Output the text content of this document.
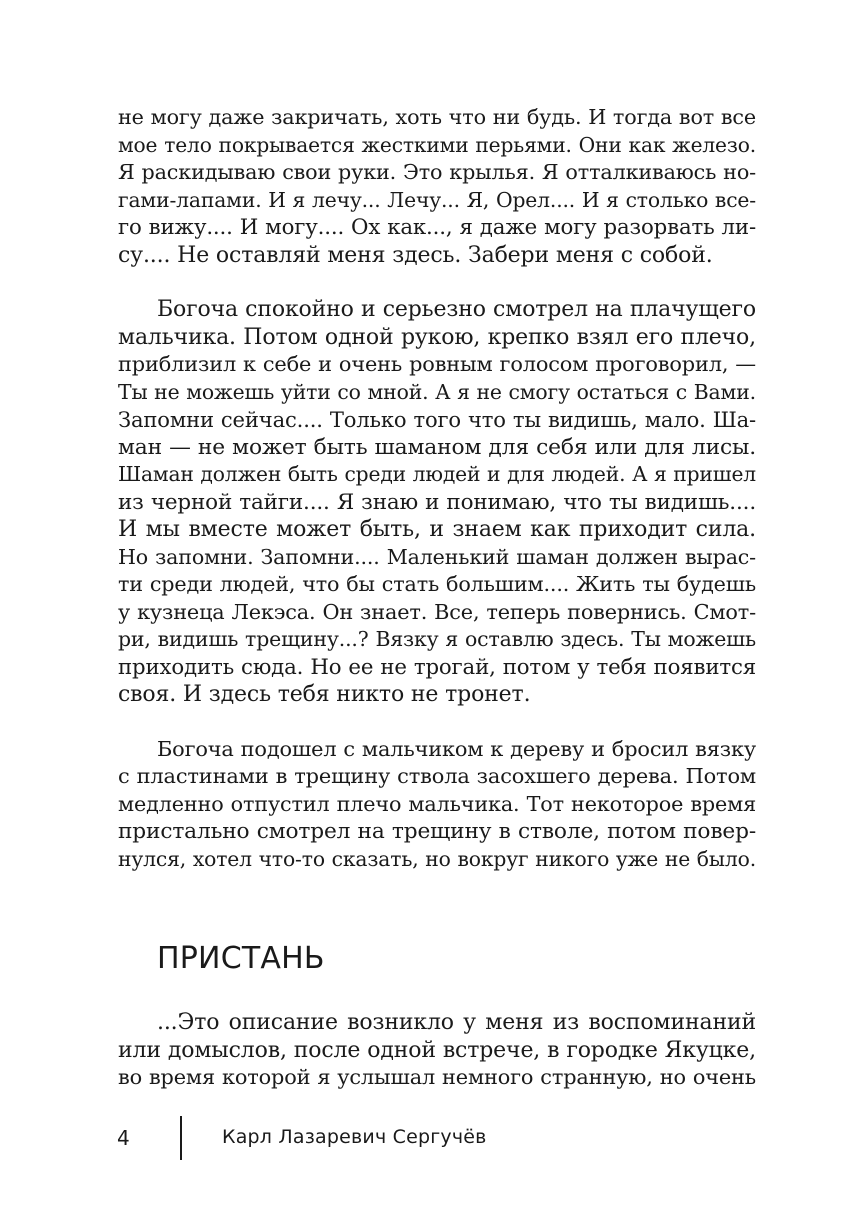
не могу даже закричать, хоть что ни будь. И тогда вот все
мое тело покрывается жесткими перьями. Они как железо.
Я раскидываю свои руки. Это крылья. Я отталкиваюсь но-
гами-лапами. И я лечу... Лечу... Я, Орел.... И я столько все-
го вижу.... И могу.... Ох как..., я даже могу разорвать ли-
су.... Не оставляй меня здесь. Забери меня с собой.
Богоча спокойно и серьезно смотрел на плачущего
мальчика. Потом одной рукою, крепко взял его плечо,
приблизил к себе и очень ровным голосом проговорил, —
Ты не можешь уйти со мной. А я не смогу остаться с Вами.
Запомни сейчас.... Только того что ты видишь, мало. Ша-
ман — не может быть шаманом для себя или для лисы.
Шаман должен быть среди людей и для людей. А я пришел
из черной тайги.... Я знаю и понимаю, что ты видишь....
И мы вместе может быть, и знаем как приходит сила.
Но запомни. Запомни.... Маленький шаман должен вырас-
ти среди людей, что бы стать большим.... Жить ты будешь
у кузнеца Лекэса. Он знает. Все, теперь повернись. Смот-
ри, видишь трещину...? Вязку я оставлю здесь. Ты можешь
приходить сюда. Но ее не трогай, потом у тебя появится
своя. И здесь тебя никто не тронет.
Богоча подошел с мальчиком к дереву и бросил вязку
с пластинами в трещину ствола засохшего дерева. Потом
медленно отпустил плечо мальчика. Тот некоторое время
пристально смотрел на трещину в стволе, потом повер-
нулся, хотел что-то сказать, но вокруг никого уже не было.
ПРИСТАНЬ
...Это описание возникло у меня из воспоминаний
или домыслов, после одной встрече, в городке Якуцке,
во время которой я услышал немного странную, но очень
4	Карл Лазаревич Сергучёв
